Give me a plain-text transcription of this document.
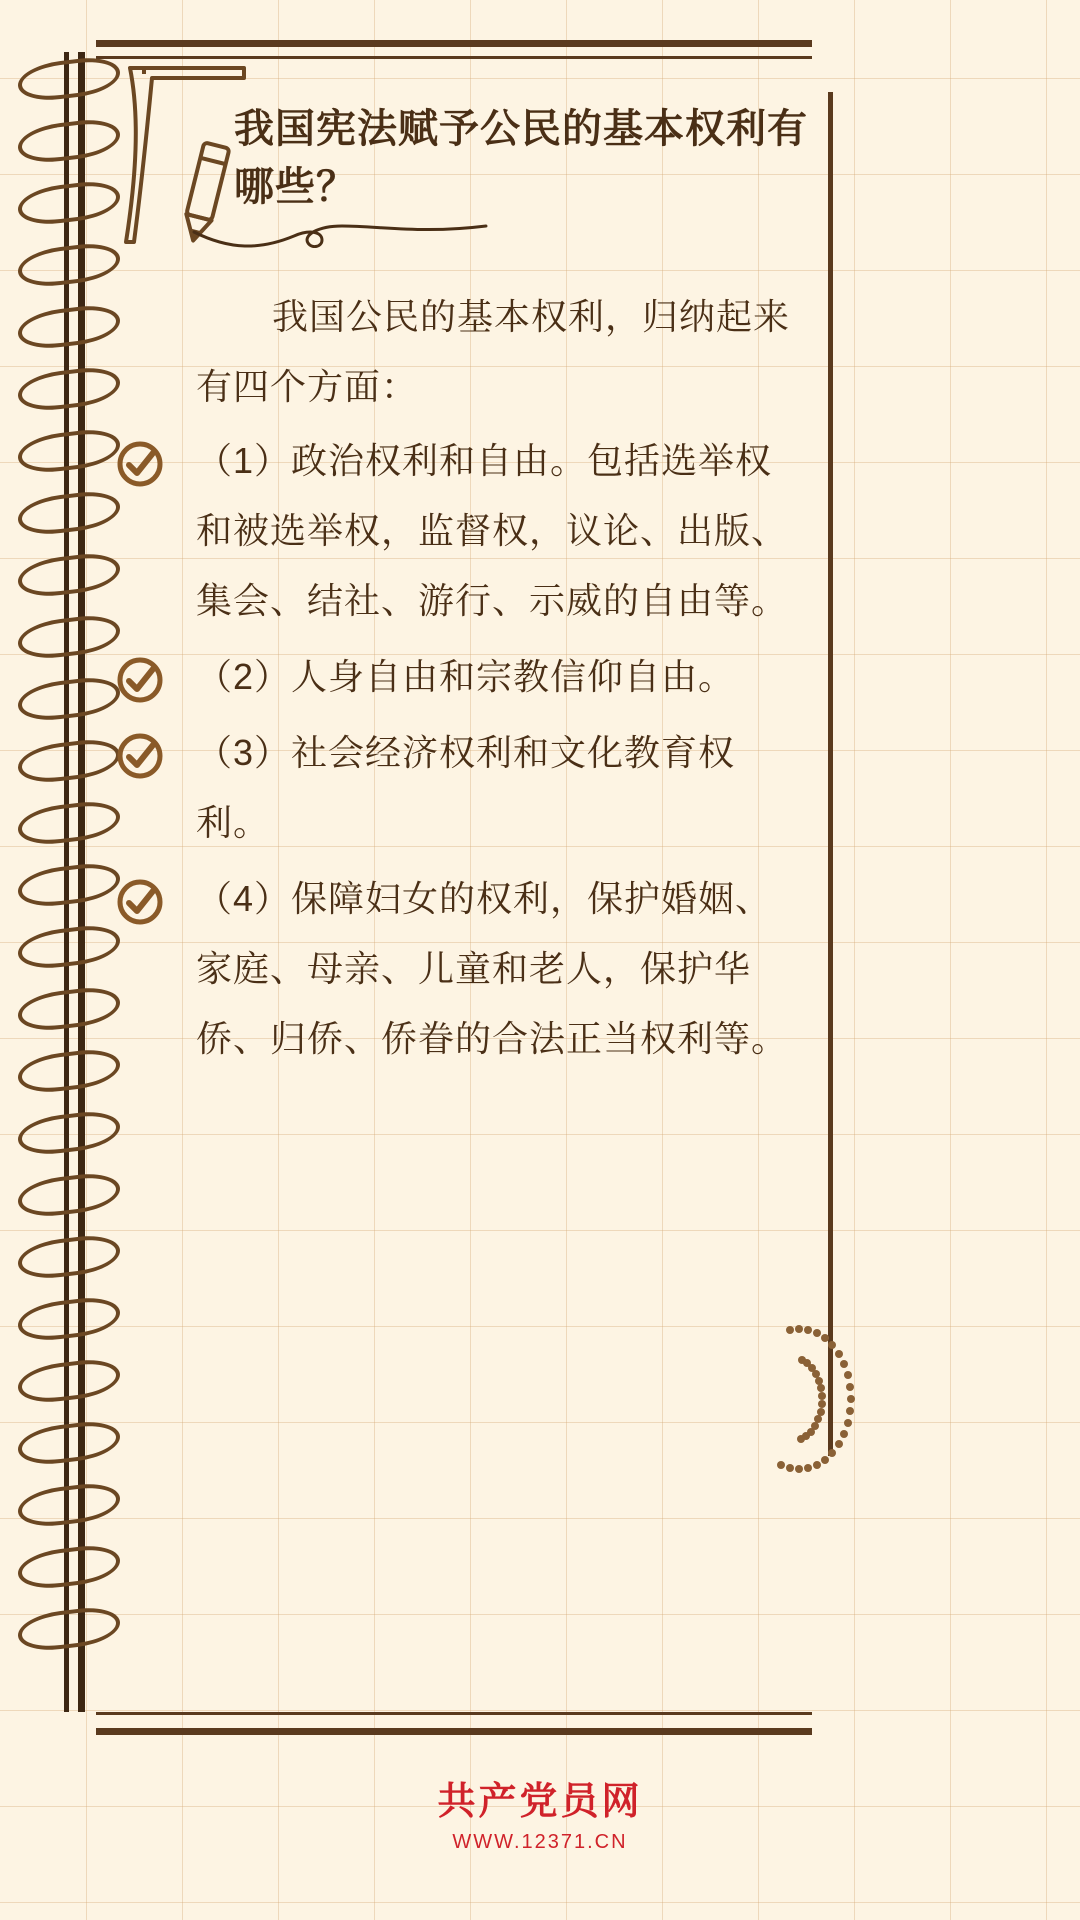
我国宪法赋予公民的基本权利有哪些？

我国公民的基本权利，归纳起来有四个方面：

（1）政治权利和自由。包括选举权和被选举权，监督权，议论、出版、集会、结社、游行、示威的自由等。
（2）人身自由和宗教信仰自由。
（3）社会经济权利和文化教育权利。
（4）保障妇女的权利，保护婚姻、家庭、母亲、儿童和老人，保护华侨、归侨、侨眷的合法正当权利等。
共产党员网
WWW.12371.CN
